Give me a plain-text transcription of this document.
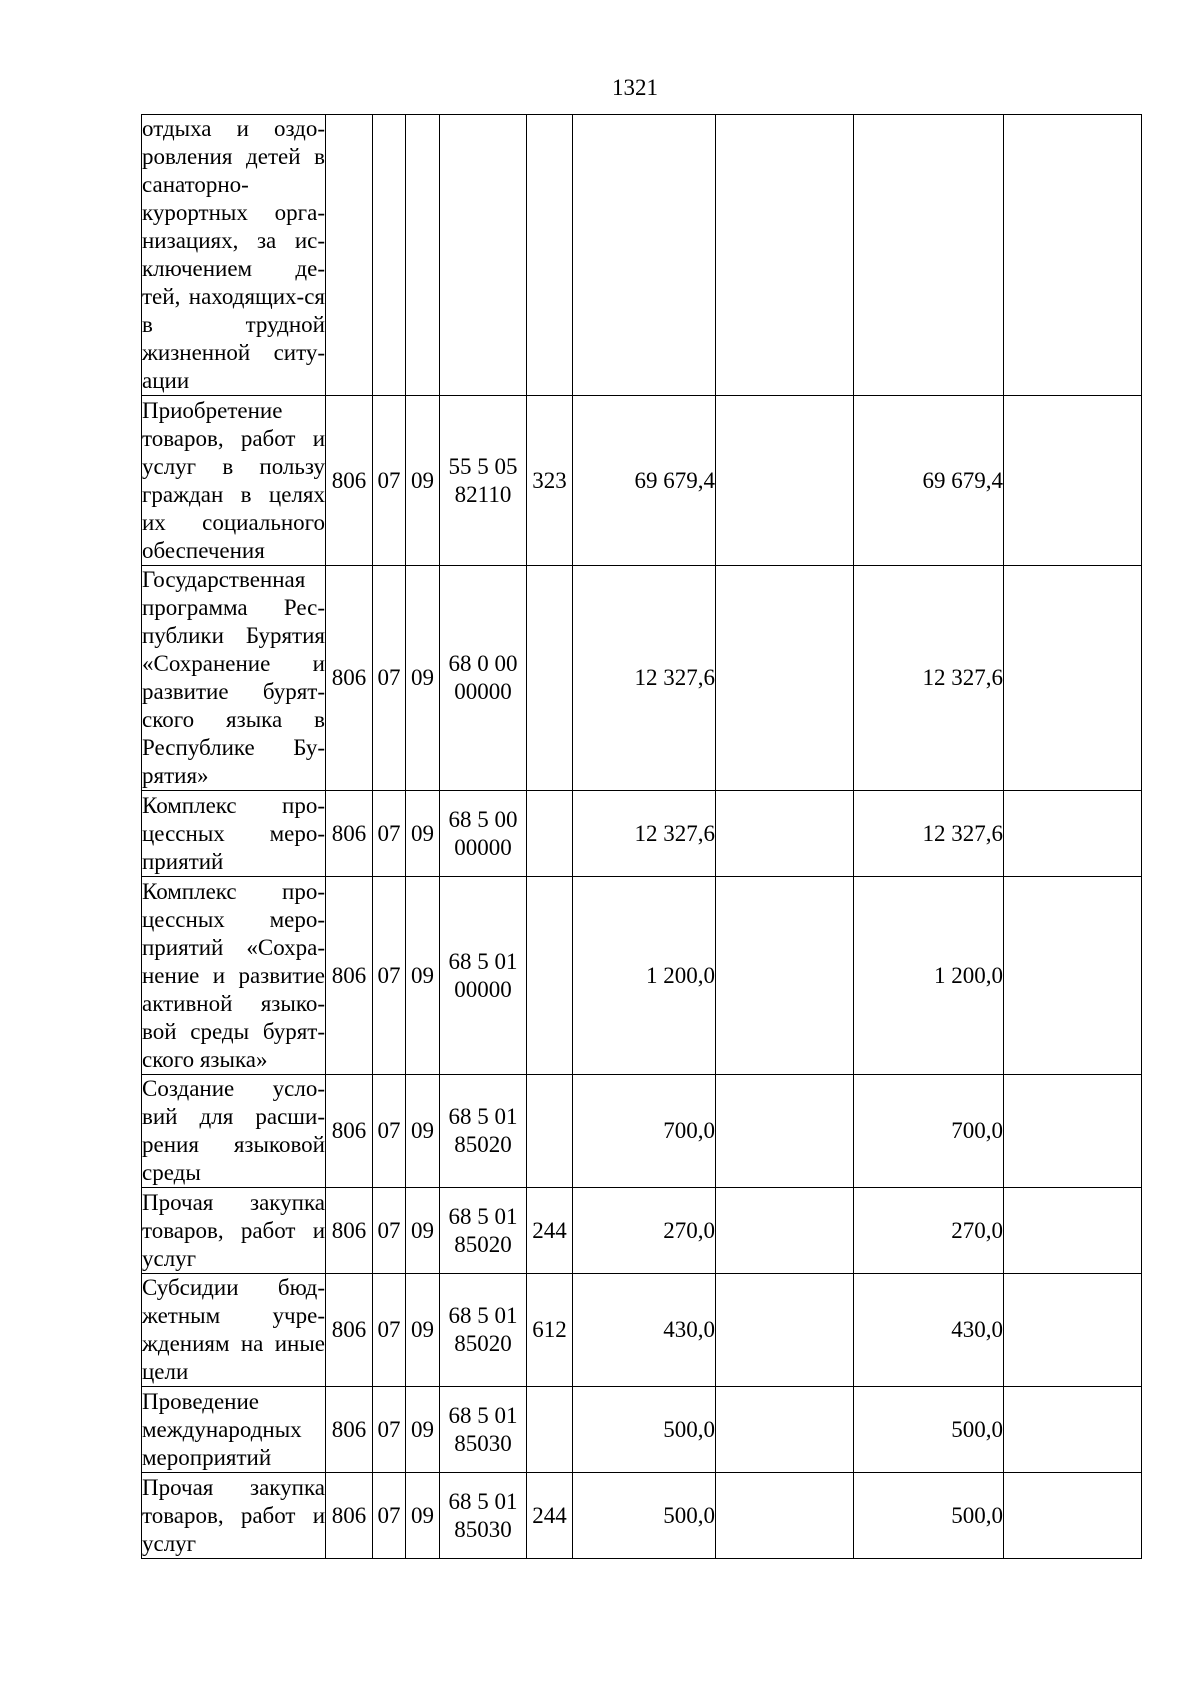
1321
отдыха и оздо-ровления детей в санаторно-курортных орга-низациях, за ис-ключением де-тей, находящих-ся в трудной жизненной ситу-ации									
Приобретение товаров, работ и услуг в пользу граждан в целях их социального обеспечения	806	07	09	55 5 05 82110	323	69 679,4		69 679,4	
Государственная программа Рес-публики Бурятия «Сохранение и развитие бурят-ского языка в Республике Бу-рятия»	806	07	09	68 0 00 00000		12 327,6		12 327,6	
Комплекс про-цессных меро-приятий	806	07	09	68 5 00 00000		12 327,6		12 327,6	
Комплекс про-цессных меро-приятий «Сохра-нение и развитие активной языко-вой среды бурят-ского языка»	806	07	09	68 5 01 00000		1 200,0		1 200,0	
Создание усло-вий для расши-рения языковой среды	806	07	09	68 5 01 85020		700,0		700,0	
Прочая закупка товаров, работ и услуг	806	07	09	68 5 01 85020	244	270,0		270,0	
Субсидии бюд-жетным учре-ждениям на иные цели	806	07	09	68 5 01 85020	612	430,0		430,0	
Проведение международных мероприятий	806	07	09	68 5 01 85030		500,0		500,0	
Прочая закупка товаров, работ и услуг	806	07	09	68 5 01 85030	244	500,0		500,0	
